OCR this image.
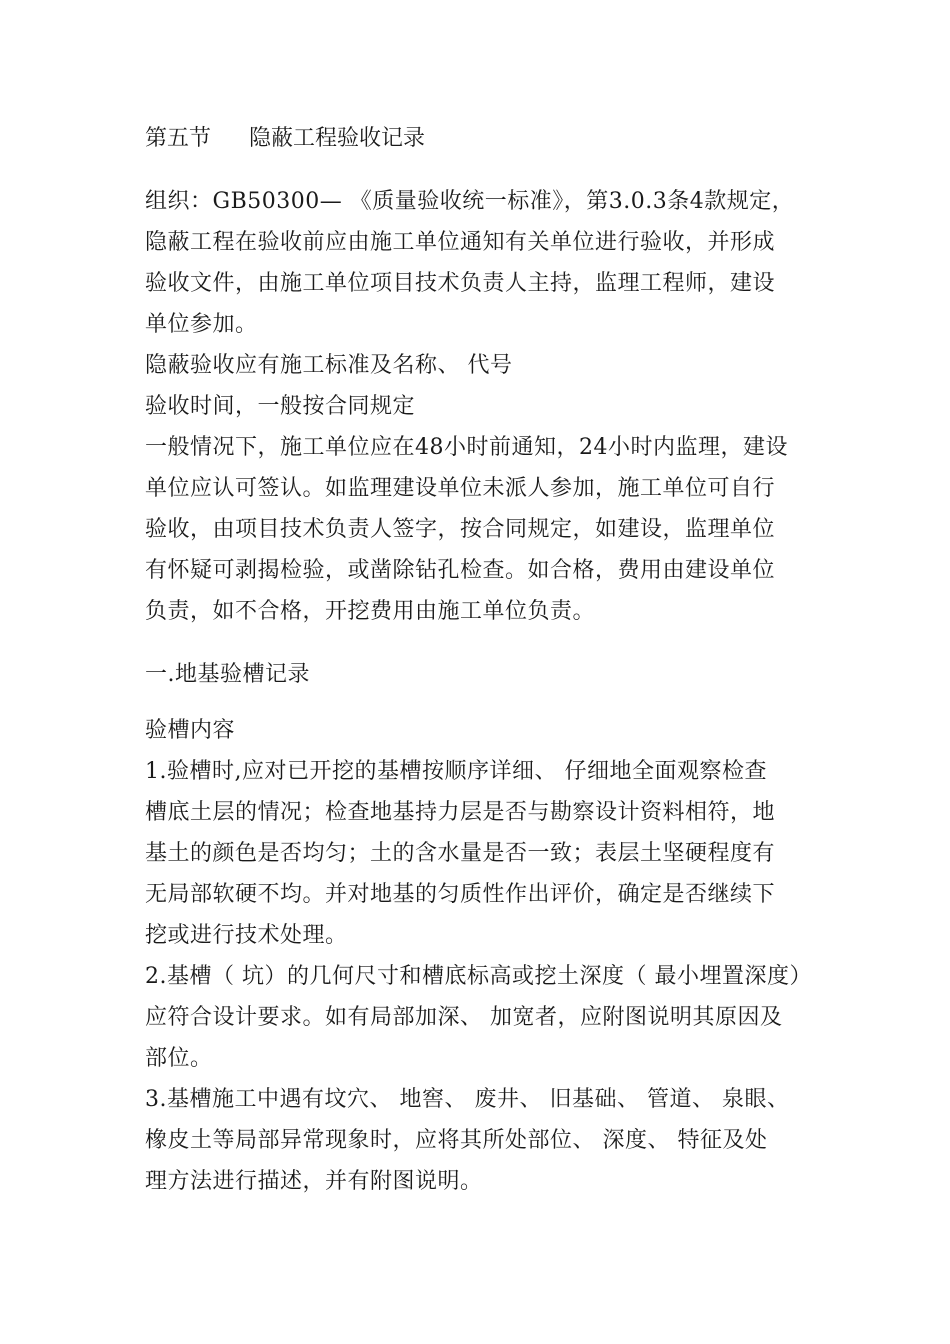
第五节 隐蔽工程验收记录
组织：GB50300— 《质量验收统一标准》，第3.0.3条4款规定，
隐蔽工程在验收前应由施工单位通知有关单位进行验收，并形成
验收文件，由施工单位项目技术负责人主持，监理工程师，建设
单位参加。
隐蔽验收应有施工标准及名称、 代号
验收时间，一般按合同规定
一般情况下，施工单位应在48小时前通知，24小时内监理，建设
单位应认可签认。如监理建设单位未派人参加，施工单位可自行
验收，由项目技术负责人签字，按合同规定，如建设，监理单位
有怀疑可剥揭检验，或凿除钻孔检查。如合格，费用由建设单位
负责，如不合格，开挖费用由施工单位负责。
一.地基验槽记录
验槽内容
1.验槽时,应对已开挖的基槽按顺序详细、 仔细地全面观察检查
槽底土层的情况；检查地基持力层是否与勘察设计资料相符，地
基土的颜色是否均匀；土的含水量是否一致；表层土坚硬程度有
无局部软硬不均。并对地基的匀质性作出评价，确定是否继续下
挖或进行技术处理。
2.基槽（ 坑）的几何尺寸和槽底标高或挖土深度（ 最小埋置深度）
应符合设计要求。如有局部加深、 加宽者，应附图说明其原因及
部位。
3.基槽施工中遇有坟穴、 地窖、 废井、 旧基础、 管道、 泉眼、
橡皮土等局部异常现象时，应将其所处部位、 深度、 特征及处
理方法进行描述，并有附图说明。
